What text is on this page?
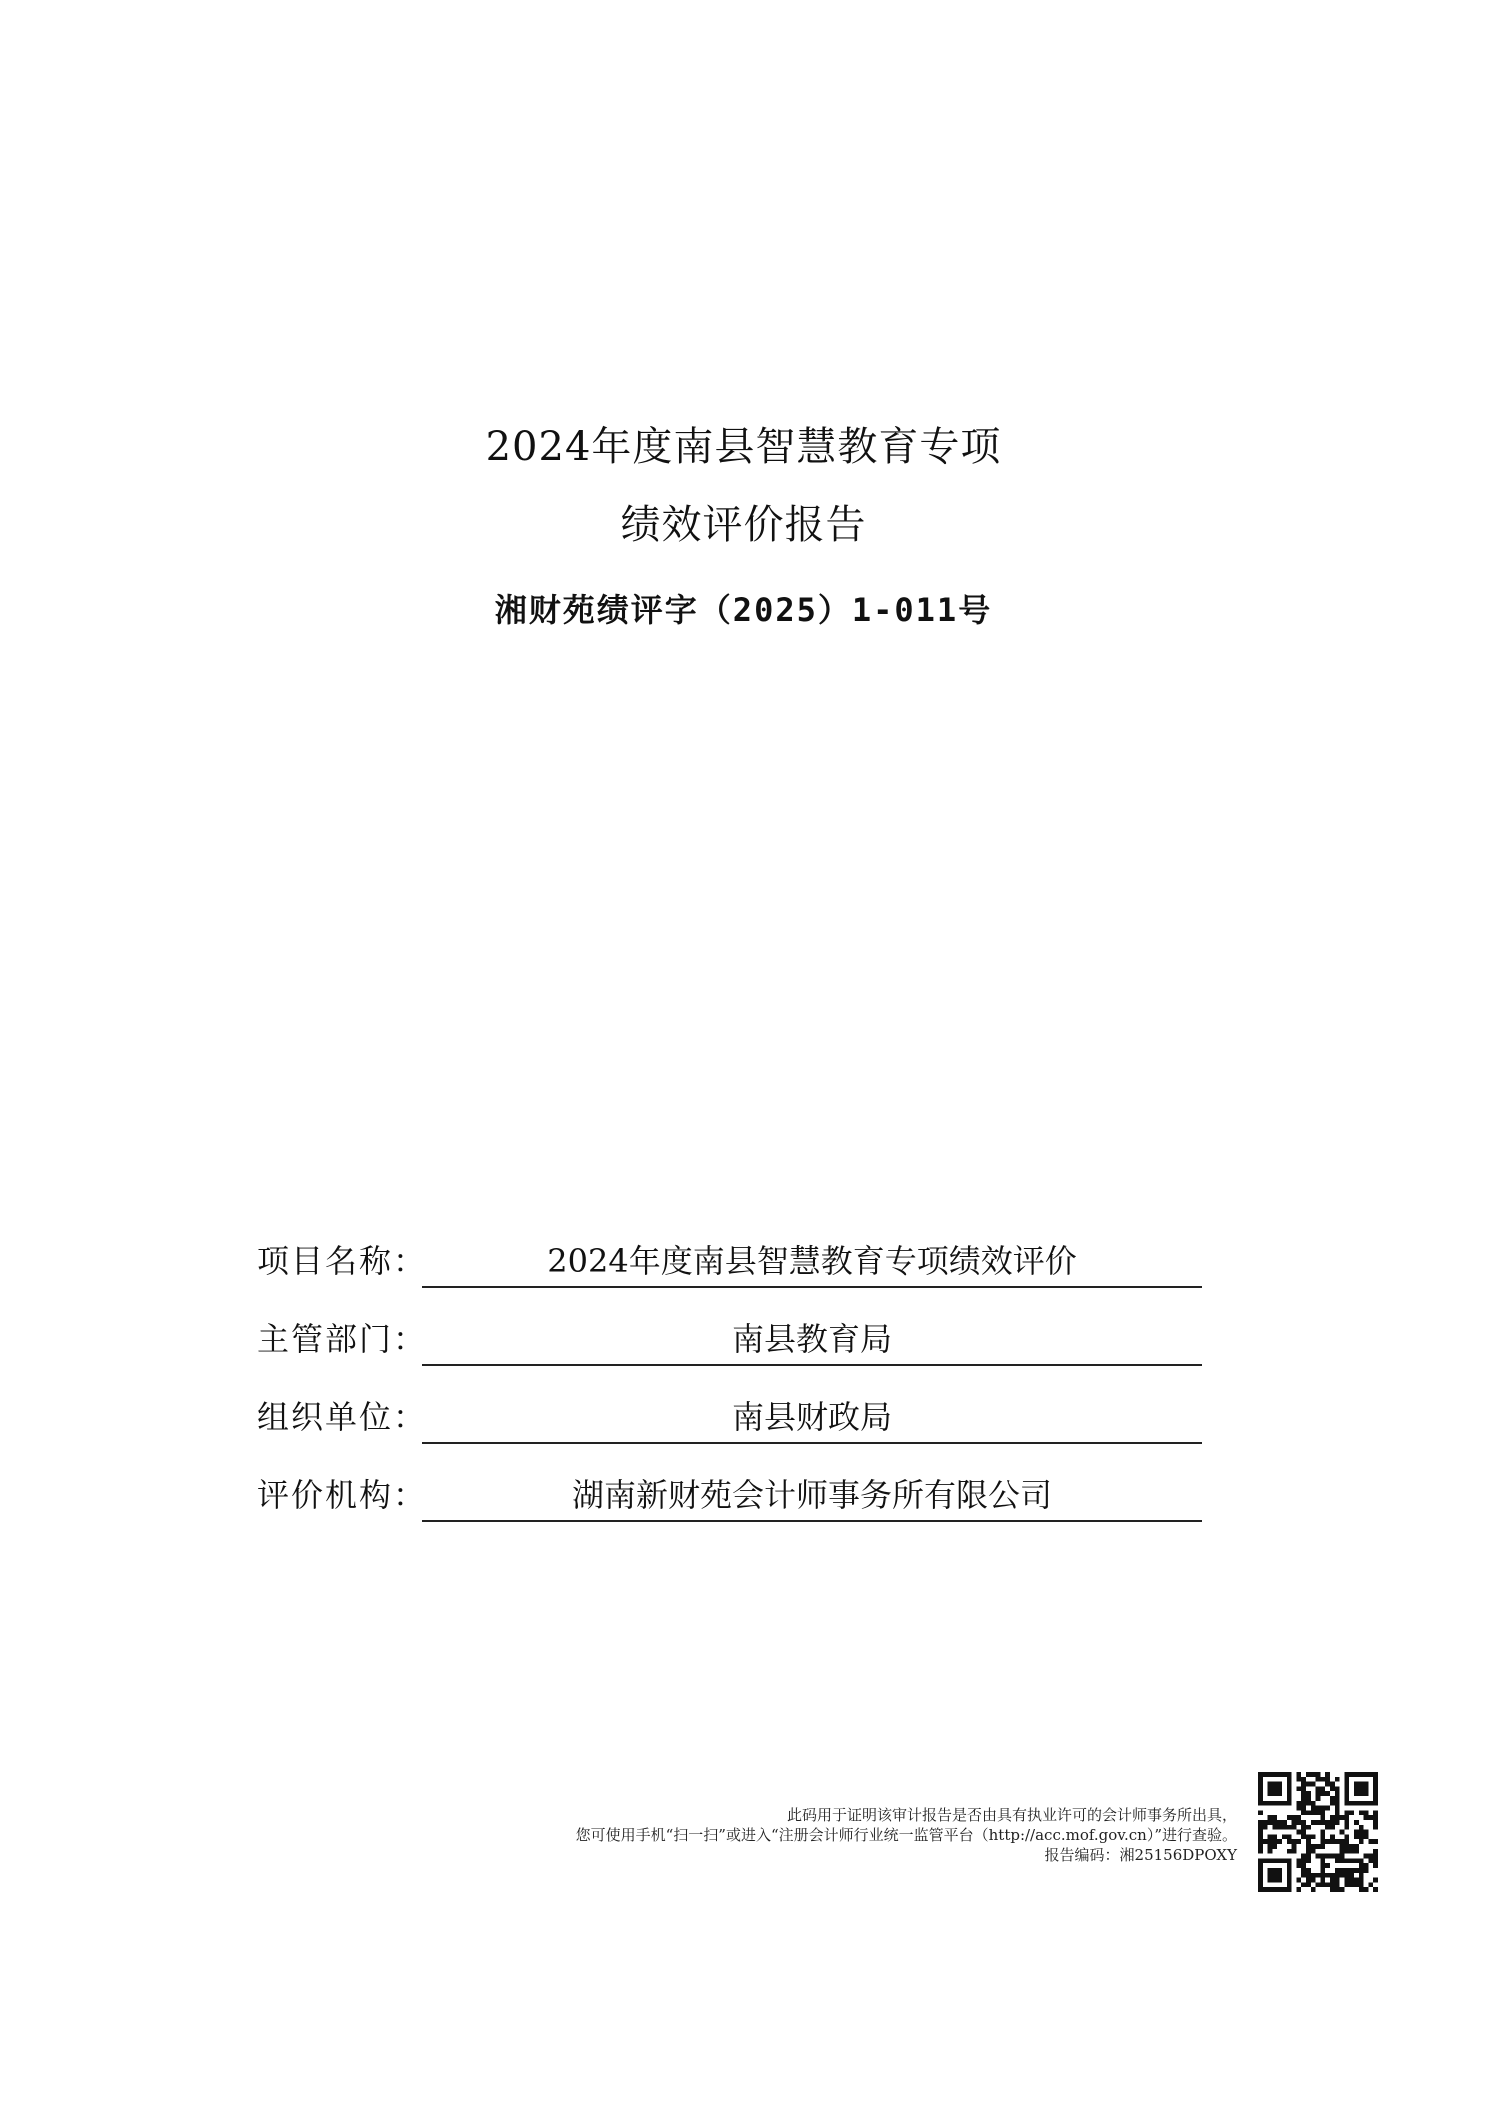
2024年度南县智慧教育专项
绩效评价报告
湘财苑绩评字（2025）1-011号
项目名称：	2024年度南县智慧教育专项绩效评价
主管部门：	南县教育局
组织单位：	南县财政局
评价机构：	湖南新财苑会计师事务所有限公司
此码用于证明该审计报告是否由具有执业许可的会计师事务所出具，
您可使用手机“扫一扫”或进入“注册会计师行业统一监管平台（http://acc.mof.gov.cn）”进行查验。
报告编码：湘25156DPOXY
